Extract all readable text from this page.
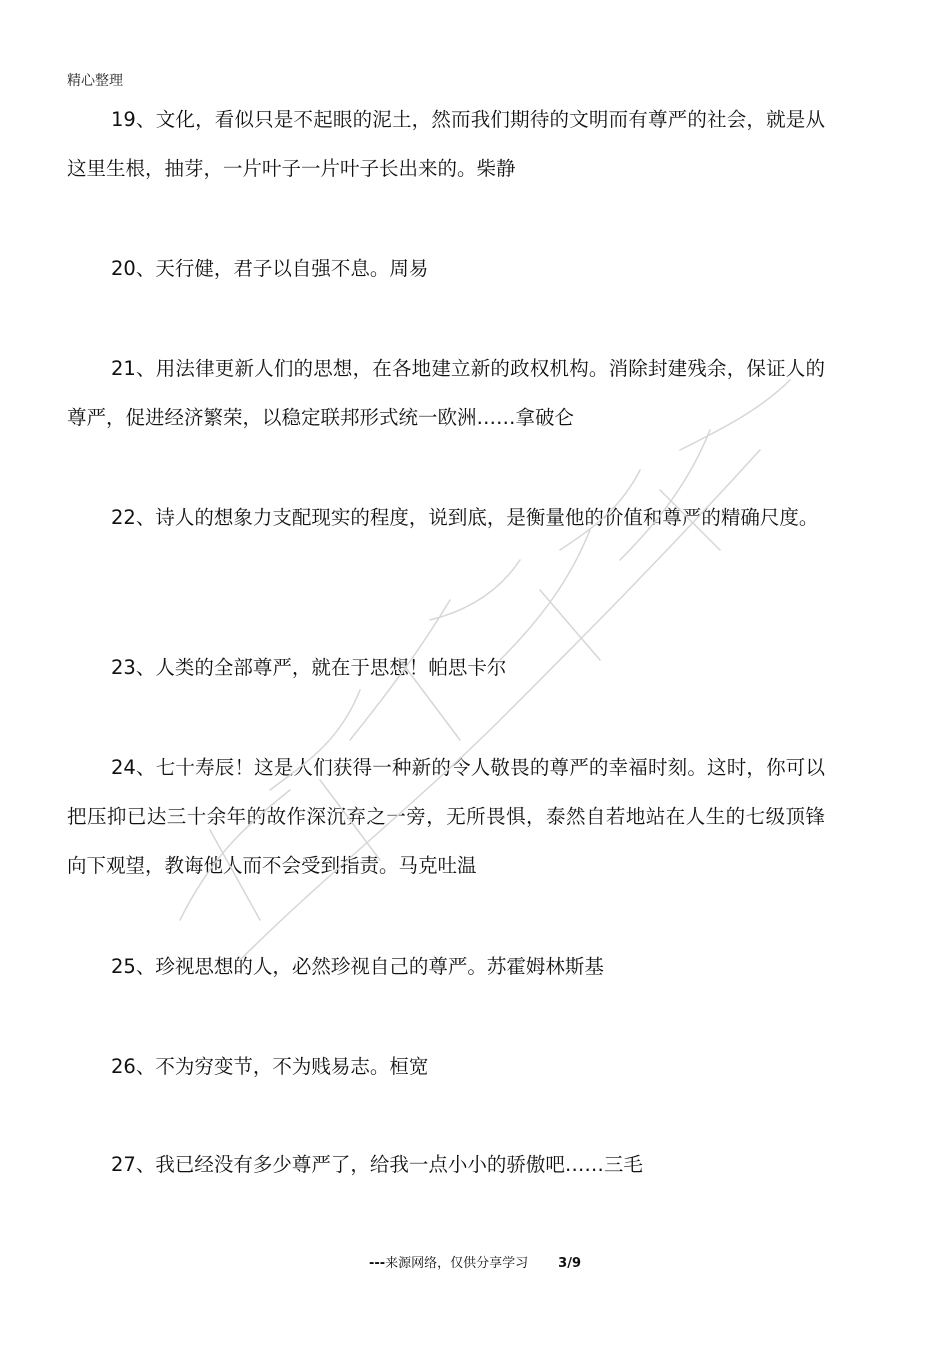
精心整理

19、文化，看似只是不起眼的泥土，然而我们期待的文明而有尊严的社会，就是从这里生根，抽芽，一片叶子一片叶子长出来的。柴静

20、天行健，君子以自强不息。周易

21、用法律更新人们的思想，在各地建立新的政权机构。消除封建残余，保证人的尊严，促进经济繁荣，以稳定联邦形式统一欧洲……拿破仑

22、诗人的想象力支配现实的程度，说到底，是衡量他的价值和尊严的精确尺度。

23、人类的全部尊严，就在于思想！帕思卡尔

24、七十寿辰！这是人们获得一种新的令人敬畏的尊严的幸福时刻。这时，你可以把压抑已达三十余年的故作深沉弃之一旁，无所畏惧，泰然自若地站在人生的七级顶锋向下观望，教诲他人而不会受到指责。马克吐温

25、珍视思想的人，必然珍视自己的尊严。苏霍姆林斯基

26、不为穷变节，不为贱易志。桓宽

27、我已经没有多少尊严了，给我一点小小的骄傲吧……三毛

---来源网络，仅供分享学习 3/9
